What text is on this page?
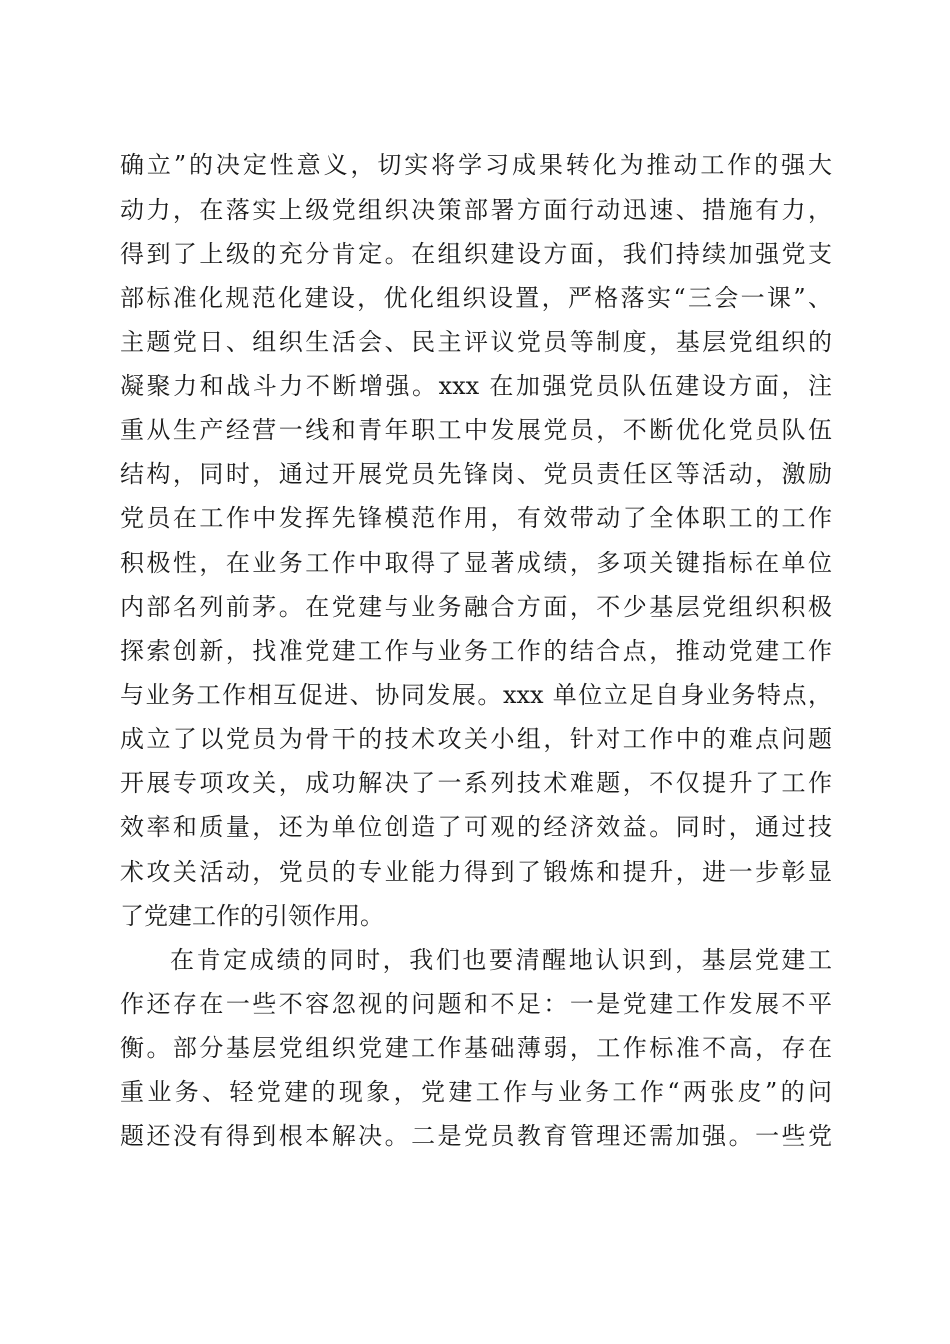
确立”的决定性意义，切实将学习成果转化为推动工作的强大
动力，在落实上级党组织决策部署方面行动迅速、措施有力，
得到了上级的充分肯定。在组织建设方面，我们持续加强党支
部标准化规范化建设，优化组织设置，严格落实“三会一课”、
主题党日、组织生活会、民主评议党员等制度，基层党组织的
凝聚力和战斗力不断增强。xxx 在加强党员队伍建设方面，注
重从生产经营一线和青年职工中发展党员，不断优化党员队伍
结构，同时，通过开展党员先锋岗、党员责任区等活动，激励
党员在工作中发挥先锋模范作用，有效带动了全体职工的工作
积极性，在业务工作中取得了显著成绩，多项关键指标在单位
内部名列前茅。在党建与业务融合方面，不少基层党组织积极
探索创新，找准党建工作与业务工作的结合点，推动党建工作
与业务工作相互促进、协同发展。xxx 单位立足自身业务特点，
成立了以党员为骨干的技术攻关小组，针对工作中的难点问题
开展专项攻关，成功解决了一系列技术难题，不仅提升了工作
效率和质量，还为单位创造了可观的经济效益。同时，通过技
术攻关活动，党员的专业能力得到了锻炼和提升，进一步彰显
了党建工作的引领作用。
在肯定成绩的同时，我们也要清醒地认识到，基层党建工
作还存在一些不容忽视的问题和不足：一是党建工作发展不平
衡。部分基层党组织党建工作基础薄弱，工作标准不高，存在
重业务、轻党建的现象，党建工作与业务工作“两张皮”的问
题还没有得到根本解决。二是党员教育管理还需加强。一些党
